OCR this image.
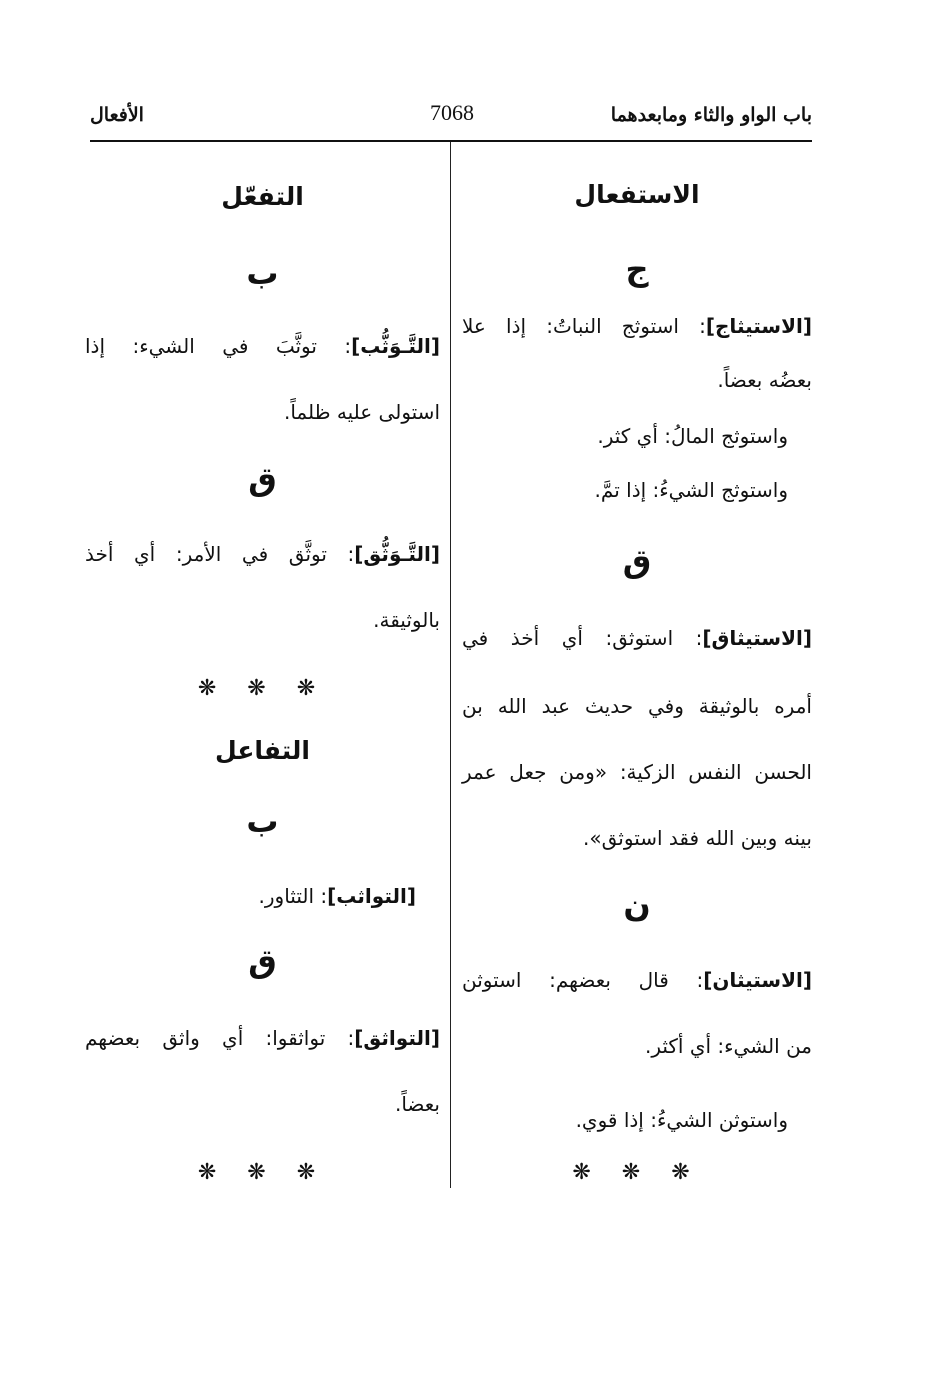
باب الواو والثاء ومابعدهما
7068
الأفعال
الاستفعال
ج
[الاستيثاج]: استوثج النباتُ: إذا علا
بعضُه بعضاً.
واستوثج المالُ: أي كثر.
واستوثج الشيءُ: إذا تمَّ.
ق
[الاستيثاق]: استوثق: أي أخذ في
أمره بالوثيقة وفي حديث عبد الله بن
الحسن النفس الزكية: «ومن جعل عمر
بينه وبين الله فقد استوثق».
ن
[الاستيثان]: قال بعضهم: استوثن
من الشيء: أي أكثر.
واستوثن الشيءُ: إذا قوي.
❋ ❋ ❋
التفعّل
ب
[التَّـوَثُّب]: توثَّبَ في الشيء: إذا
استولى عليه ظلماً.
ق
[التَّـوَثُّق]: توثَّق في الأمر: أي أخذ
بالوثيقة.
❋ ❋ ❋
التفاعل
ب
[التواثب]: التثاور.
ق
[التواثق]: تواثقوا: أي واثق بعضهم
بعضاً.
❋ ❋ ❋
